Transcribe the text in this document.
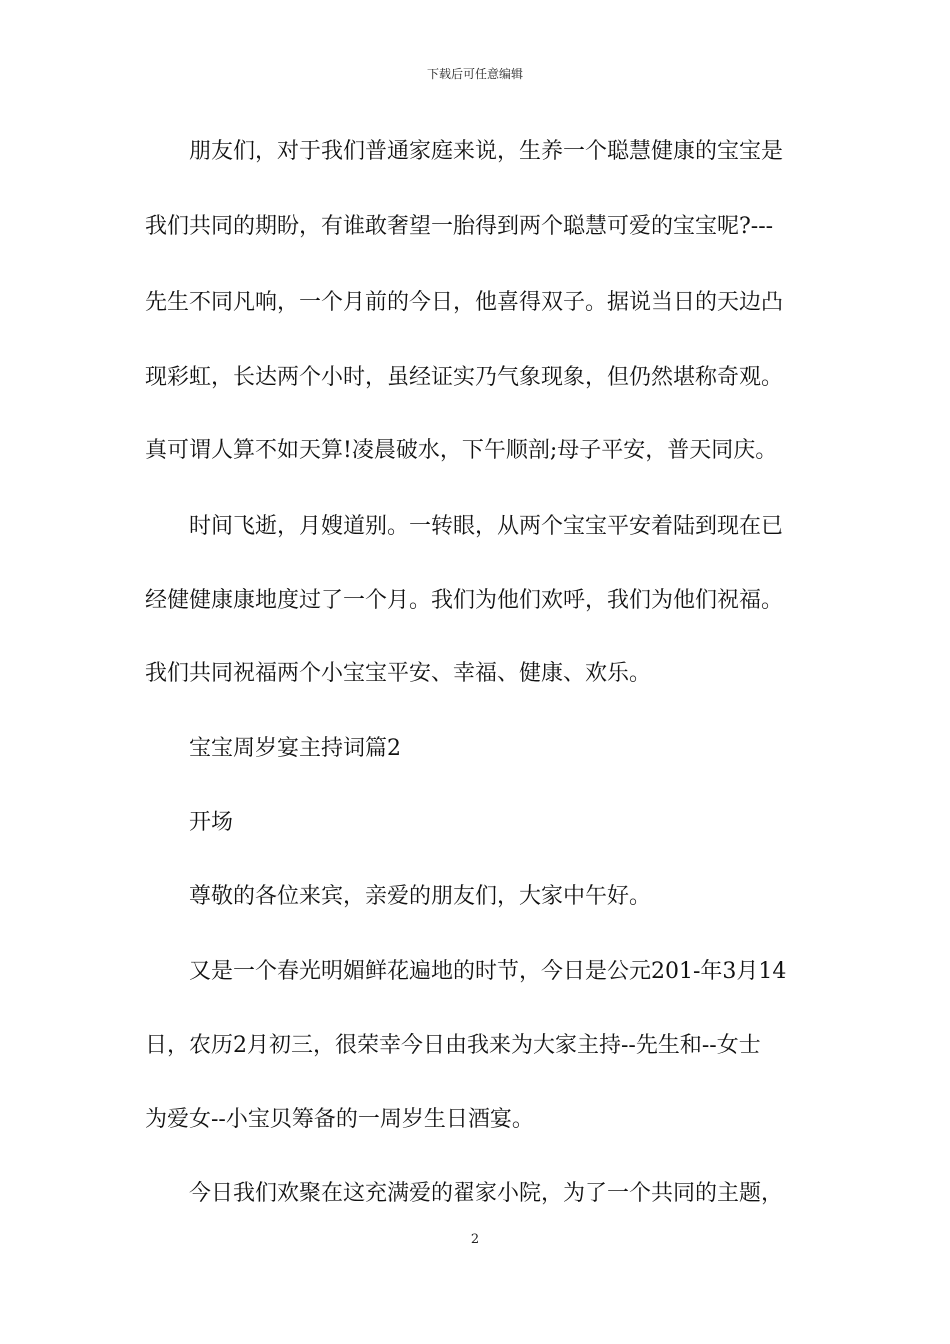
下载后可任意编辑
朋友们，对于我们普通家庭来说，生养一个聪慧健康的宝宝是
我们共同的期盼，有谁敢奢望一胎得到两个聪慧可爱的宝宝呢?---
先生不同凡响，一个月前的今日，他喜得双子。据说当日的天边凸
现彩虹，长达两个小时，虽经证实乃气象现象，但仍然堪称奇观。
真可谓人算不如天算!凌晨破水，下午顺剖;母子平安，普天同庆。
时间飞逝，月嫂道别。一转眼，从两个宝宝平安着陆到现在已
经健健康康地度过了一个月。我们为他们欢呼，我们为他们祝福。
我们共同祝福两个小宝宝平安、幸福、健康、欢乐。
宝宝周岁宴主持词篇2
开场
尊敬的各位来宾，亲爱的朋友们，大家中午好。
又是一个春光明媚鲜花遍地的时节，今日是公元201-年3月14
日，农历2月初三，很荣幸今日由我来为大家主持--先生和--女士
为爱女--小宝贝筹备的一周岁生日酒宴。
今日我们欢聚在这充满爱的翟家小院，为了一个共同的主题，
2
